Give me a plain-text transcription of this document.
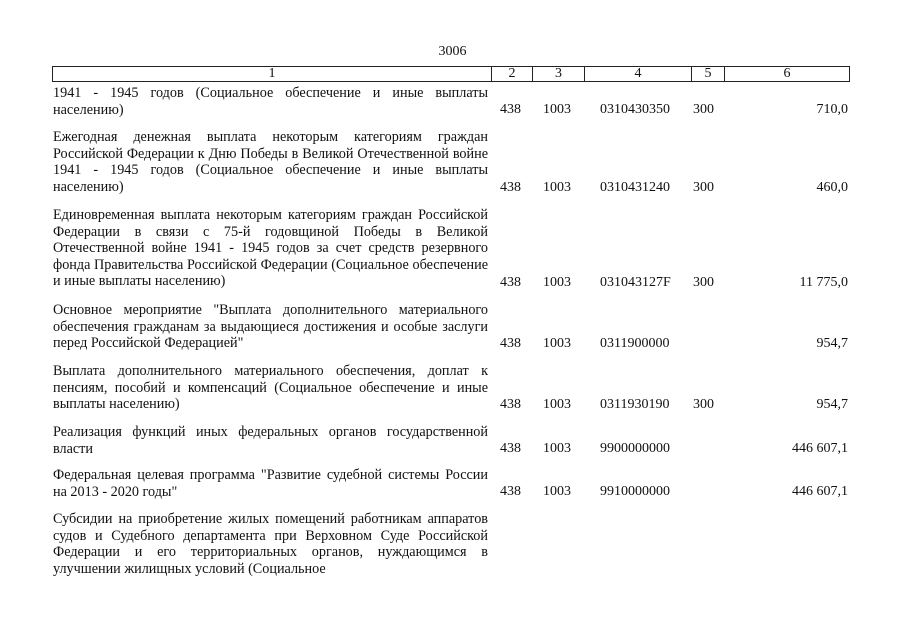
3006
1	2	3	4	5	6
1941 - 1945 годов (Социальное обеспечение и иные выплаты населению)	438 1003 0310430350 300	710,0
Ежегодная денежная выплата некоторым категориям граждан Российской Федерации к Дню Победы в Великой Отечественной войне 1941 - 1945 годов (Социальное обеспечение и иные выплаты населению)	438 1003 0310431240 300	460,0
Единовременная выплата некоторым категориям граждан Российской Федерации в связи с 75-й годовщиной Победы в Великой Отечественной войне 1941 - 1945 годов за счет средств резервного фонда Правительства Российской Федерации (Социальное обеспечение и иные выплаты населению)	438 1003 031043127F 300	11 775,0
Основное мероприятие "Выплата дополнительного материального обеспечения гражданам за выдающиеся достижения и особые заслуги перед Российской Федерацией"	438 1003 0311900000	954,7
Выплата дополнительного материального обеспечения, доплат к пенсиям, пособий и компенсаций (Социальное обеспечение и иные выплаты населению)	438 1003 0311930190 300	954,7
Реализация функций иных федеральных органов государственной власти	438 1003 9900000000	446 607,1
Федеральная целевая программа "Развитие судебной системы России на 2013 - 2020 годы"	438 1003 9910000000	446 607,1
Субсидии на приобретение жилых помещений работникам аппаратов судов и Судебного департамента при Верховном Суде Российской Федерации и его территориальных органов, нуждающимся в улучшении жилищных условий (Социальное
